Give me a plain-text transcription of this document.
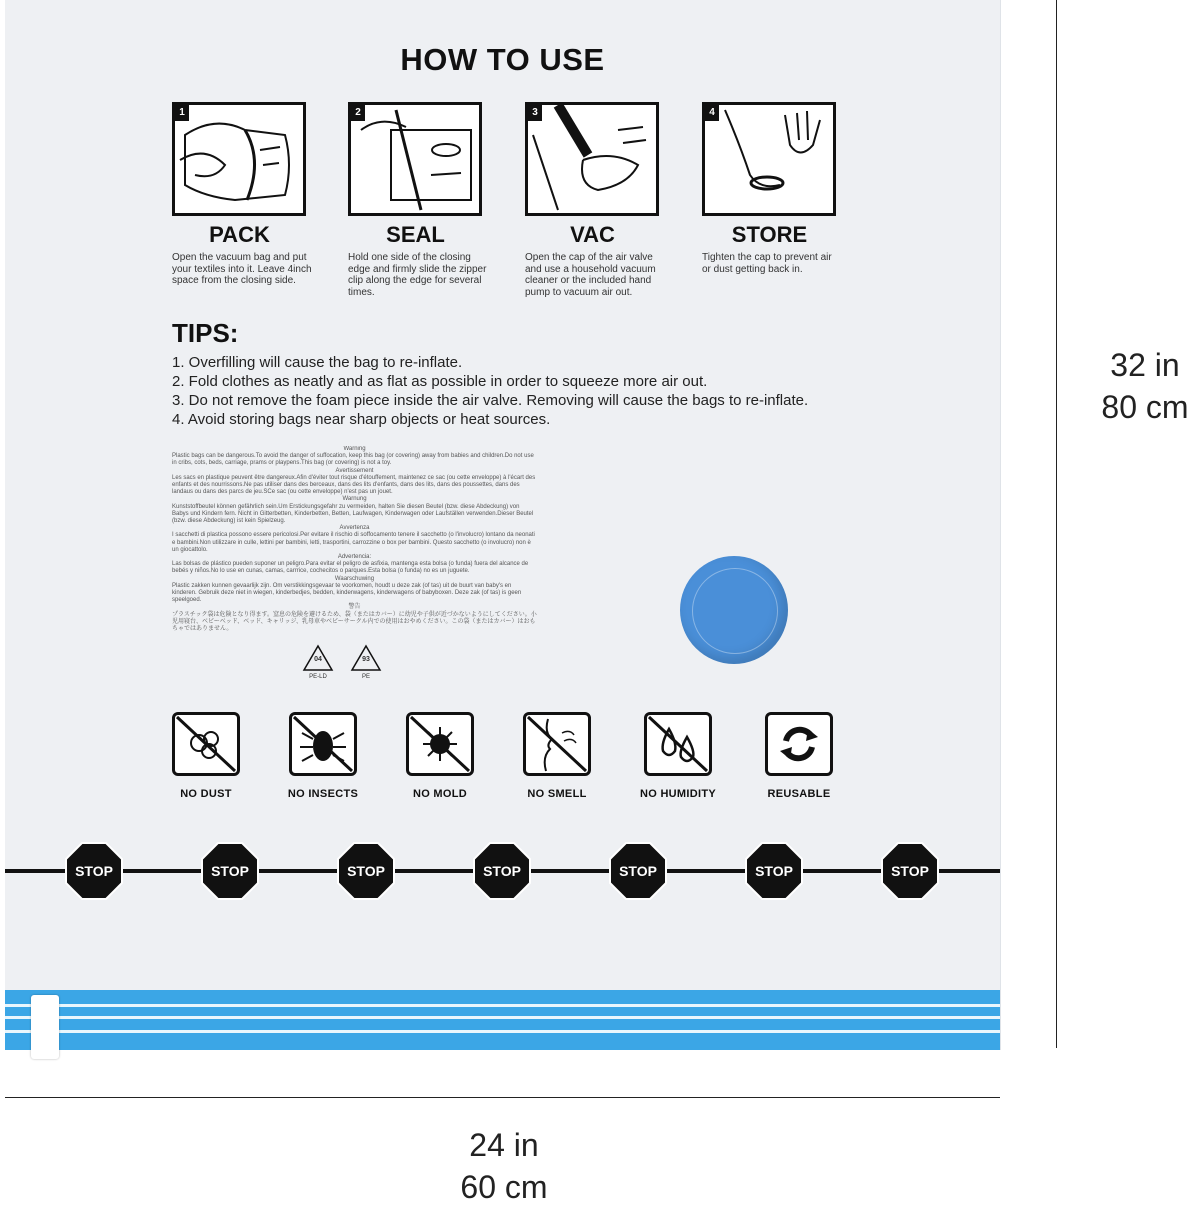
HOW TO USE
1
PACK
Open the vacuum bag and put your textiles into it. Leave 4inch space from the closing side.
2
SEAL
Hold one side of the closing edge and firmly slide the zipper clip along the edge for several times.
3
VAC
Open the cap of the air valve and use a household vacuum cleaner or the included hand pump to vacuum air out.
4
STORE
Tighten the cap to prevent air or dust getting back in.
TIPS:
1. Overfilling will cause the bag to re-inflate.
2. Fold clothes as neatly and as flat as possible in order to squeeze more air out.
3. Do not remove the foam piece inside the air valve. Removing will cause the bags to re-inflate.
4. Avoid storing bags near sharp objects or heat sources.
Warning
Plastic bags can be dangerous.To avoid the danger of suffocation, keep this bag (or covering) away from babies and children.Do not use in cribs, cots, beds, carriage, prams or playpens.This bag (or covering) is not a toy.
Avertissement
Les sacs en plastique peuvent être dangereux.Afin d'éviter tout risque d'étouffement, maintenez ce sac (ou cette enveloppe) à l'écart des enfants et des nourrissons.Ne pas utiliser dans des berceaux, dans des lits d'enfants, dans des lits, dans des poussettes, dans des landaus ou dans des parcs de jeu.SCe sac (ou cette enveloppe) n'est pas un jouet.
Warnung
Kunststoffbeutel können gefährlich sein.Um Erstickungsgefahr zu vermeiden, halten Sie diesen Beutel (bzw. diese Abdeckung) von Babys und Kindern fern. Nicht in Gitterbetten, Kinderbetten, Betten, Laufwagen, Kinderwagen oder Laufställen verwenden.Dieser Beutel (bzw. diese Abdeckung) ist kein Spielzeug.
Avvertenza
I sacchetti di plastica possono essere pericolosi.Per evitare il rischio di soffocamento tenere il sacchetto (o l'involucro) lontano da neonati e bambini.Non utilizzare in culle, lettini per bambini, letti, trasportini, carrozzine o box per bambini. Questo sacchetto (o involucro) non è un giocattolo.
Advertencia:
Las bolsas de plástico pueden suponer un peligro.Para evitar el peligro de asfixia, mantenga esta bolsa (o funda) fuera del alcance de bebés y niños.No lo use en cunas, camas, carrrice, cochecitos o parques.Esta bolsa (o funda) no es un juguete.
Waarschuwing
Plastic zakken kunnen gevaarlijk zijn. Om verstikkingsgevaar te voorkomen, houdt u deze zak (of tas) uit de buurt van baby's en kinderen. Gebruik deze niet in wiegen, kinderbedjes, bedden, kinderwagens, kinderwagens of babyboxen. Deze zak (of tas) is geen speelgoed.
警告
プラスチック袋は危険となり得ます。窒息の危険を避けるため、袋（またはカバー）に幼児や子供が近づかないようにしてください。小児用寝台、ベビーベッド、ベッド、キャリッジ、乳母車やベビーサークル内での使用はおやめください。この袋（またはカバー）はおもちゃではありません。
04
PE-LD
93
PE
NO DUST	NO INSECTS	NO MOLD	NO SMELL	NO HUMIDITY	REUSABLE
STOP	STOP	STOP	STOP	STOP	STOP	STOP
32 in
80 cm
24 in
60 cm
